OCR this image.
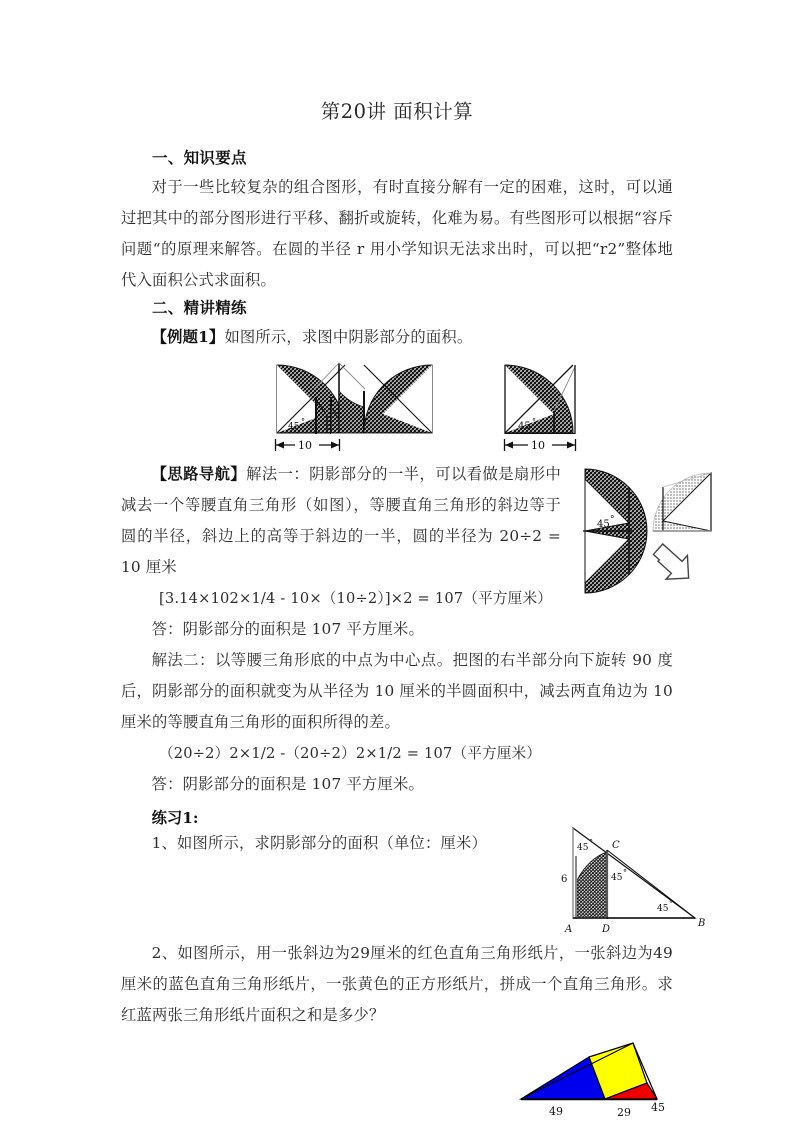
第20讲 面积计算
一、知识要点

对于一些比较复杂的组合图形，有时直接分解有一定的困难，这时，可以通过把其中的部分图形进行平移、翻折或旋转，化难为易。有些图形可以根据“容斥问题“的原理来解答。在圆的半径 r 用小学知识无法求出时，可以把“r2”整体地代入面积公式求面积。

二、精讲精练

【例题1】如图所示，求图中阴影部分的面积。

45
°
10
45 °
10
45 °

【思路导航】解法一：阴影部分的一半，可以看做是扇形中减去一个等腰直角三角形（如图），等腰直角三角形的斜边等于圆的半径，斜边上的高等于斜边的一半，圆的半径为 20÷2 = 10 厘米

[3.14×102×1/4 - 10×（10÷2）]×2 = 107（平方厘米）

答：阴影部分的面积是 107 平方厘米。

解法二：以等腰三角形底的中点为中心点。把图的右半部分向下旋转 90 度后，阴影部分的面积就变为从半径为 10 厘米的半圆面积中，减去两直角边为 10 厘米的等腰直角三角形的面积所得的差。

（20÷2）2×1/2 -（20÷2）2×1/2 = 107（平方厘米）

答：阴影部分的面积是 107 平方厘米。

练习1:
45
° C
45
°
45
°
6
A	D
B

1、如图所示，求阴影部分的面积（单位：厘米）

2、如图所示，用一张斜边为29厘米的红色直角三角形纸片，一张斜边为49厘米的蓝色直角三角形纸片，一张黄色的正方形纸片，拼成一个直角三角形。求红蓝两张三角形纸片面积之和是多少？

49	29 45
